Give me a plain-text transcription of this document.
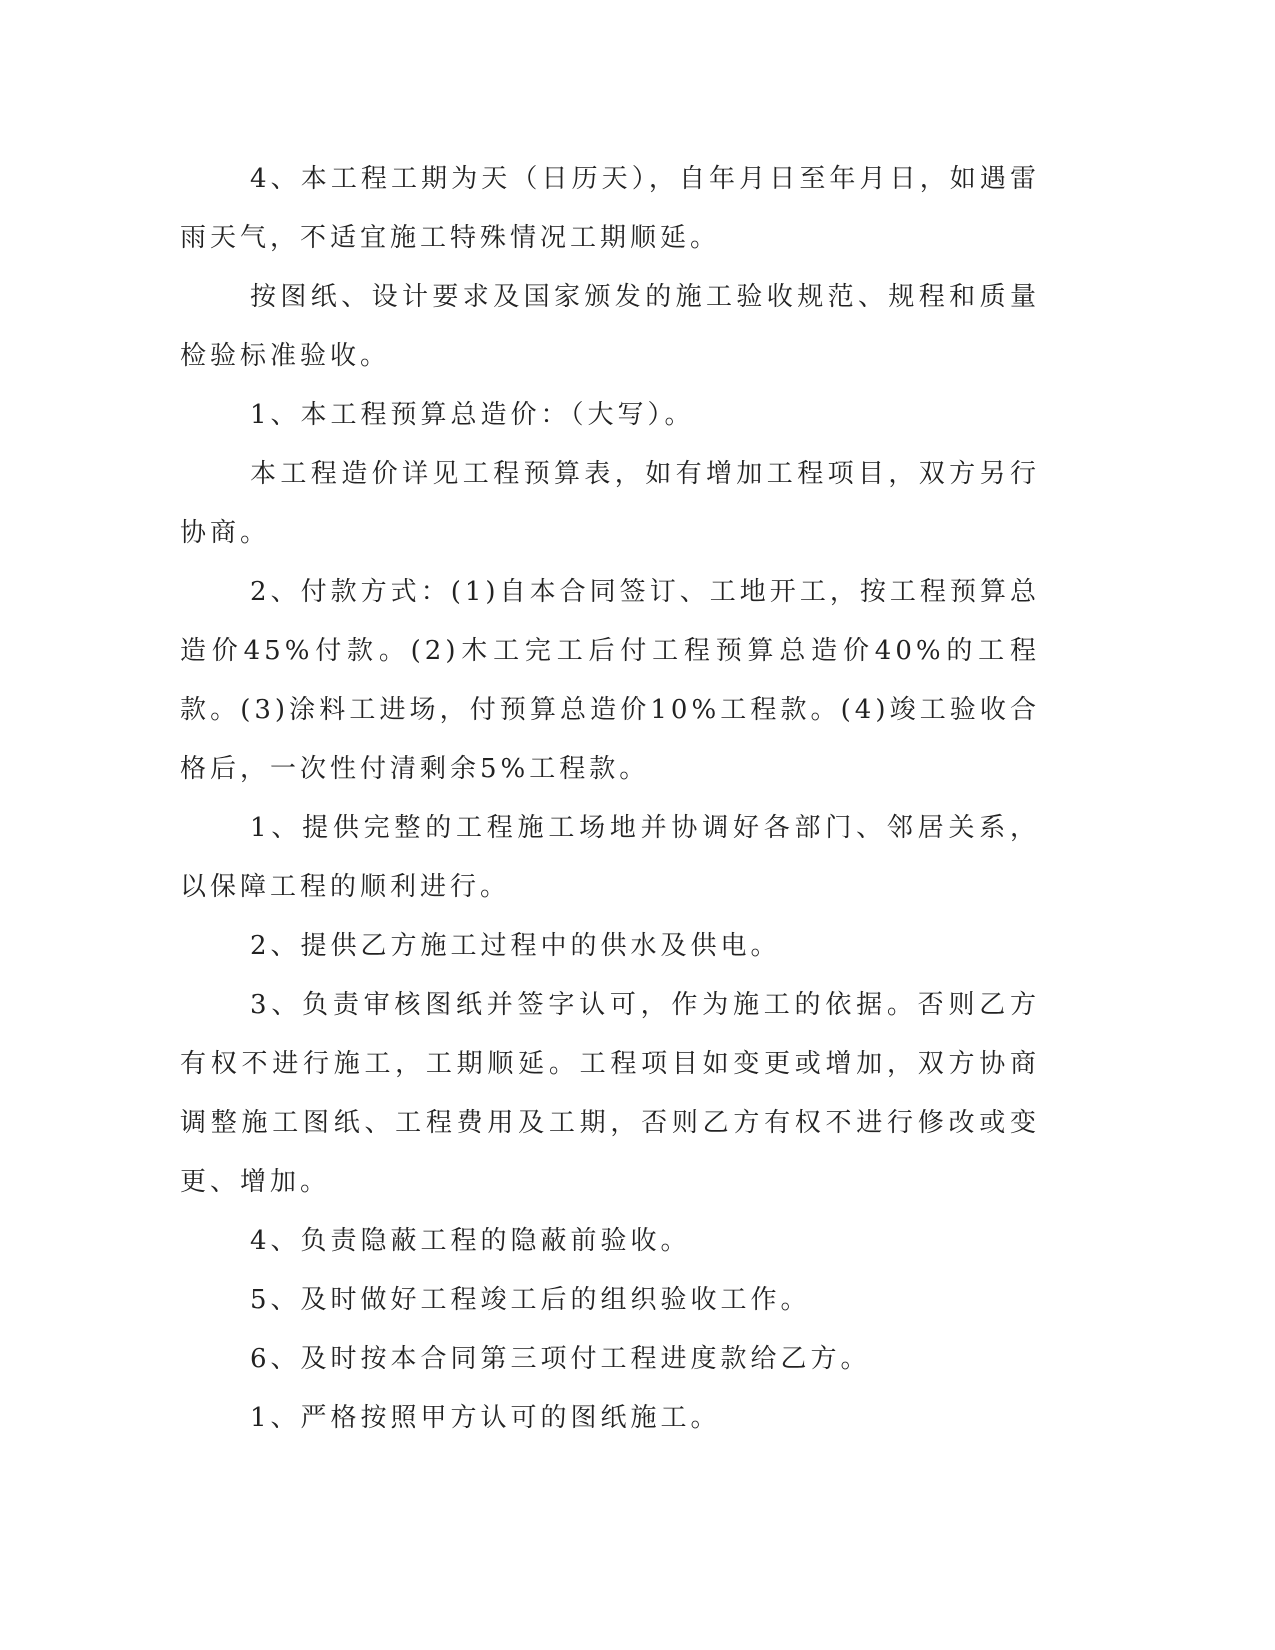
4、本工程工期为天（日历天），自年月日至年月日，如遇雷雨天气，不适宜施工特殊情况工期顺延。

按图纸、设计要求及国家颁发的施工验收规范、规程和质量检验标准验收。

1、本工程预算总造价：（大写）。

本工程造价详见工程预算表，如有增加工程项目，双方另行协商。

2、付款方式：(1)自本合同签订、工地开工，按工程预算总造价45%付款。(2)木工完工后付工程预算总造价40%的工程款。(3)涂料工进场，付预算总造价10%工程款。(4)竣工验收合格后，一次性付清剩余5%工程款。

1、提供完整的工程施工场地并协调好各部门、邻居关系，以保障工程的顺利进行。

2、提供乙方施工过程中的供水及供电。

3、负责审核图纸并签字认可，作为施工的依据。否则乙方有权不进行施工，工期顺延。工程项目如变更或增加，双方协商调整施工图纸、工程费用及工期，否则乙方有权不进行修改或变更、增加。

4、负责隐蔽工程的隐蔽前验收。

5、及时做好工程竣工后的组织验收工作。

6、及时按本合同第三项付工程进度款给乙方。

1、严格按照甲方认可的图纸施工。
